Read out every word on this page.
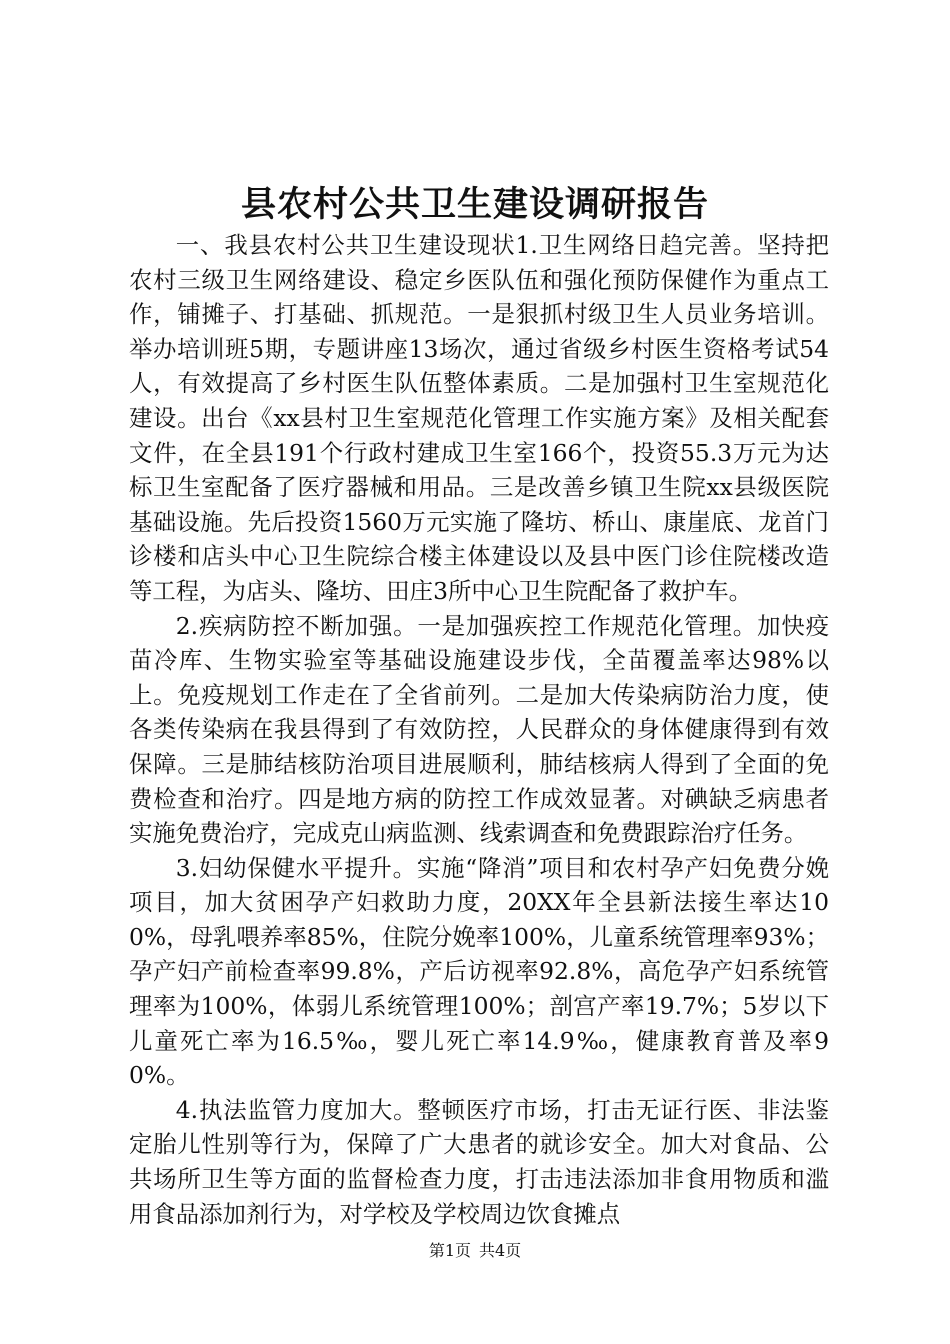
县农村公共卫生建设调研报告

一、我县农村公共卫生建设现状1.卫生网络日趋完善。坚持把农村三级卫生网络建设、稳定乡医队伍和强化预防保健作为重点工作，铺摊子、打基础、抓规范。一是狠抓村级卫生人员业务培训。举办培训班5期，专题讲座13场次，通过省级乡村医生资格考试54人，有效提高了乡村医生队伍整体素质。二是加强村卫生室规范化建设。出台《xx县村卫生室规范化管理工作实施方案》及相关配套文件，在全县191个行政村建成卫生室166个，投资55.3万元为达标卫生室配备了医疗器械和用品。三是改善乡镇卫生院xx县级医院基础设施。先后投资1560万元实施了隆坊、桥山、康崖底、龙首门诊楼和店头中心卫生院综合楼主体建设以及县中医门诊住院楼改造等工程，为店头、隆坊、田庄3所中心卫生院配备了救护车。

2.疾病防控不断加强。一是加强疾控工作规范化管理。加快疫苗冷库、生物实验室等基础设施建设步伐，全苗覆盖率达98%以上。免疫规划工作走在了全省前列。二是加大传染病防治力度，使各类传染病在我县得到了有效防控，人民群众的身体健康得到有效保障。三是肺结核防治项目进展顺利，肺结核病人得到了全面的免费检查和治疗。四是地方病的防控工作成效显著。对碘缺乏病患者实施免费治疗，完成克山病监测、线索调查和免费跟踪治疗任务。

3.妇幼保健水平提升。实施“降消”项目和农村孕产妇免费分娩项目，加大贫困孕产妇救助力度，20XX年全县新法接生率达100%，母乳喂养率85%，住院分娩率100%，儿童系统管理率93%；孕产妇产前检查率99.8%，产后访视率92.8%，高危孕产妇系统管理率为100%，体弱儿系统管理100%；剖宫产率19.7%；5岁以下儿童死亡率为16.5‰，婴儿死亡率14.9‰，健康教育普及率90%。

4.执法监管力度加大。整顿医疗市场，打击无证行医、非法鉴定胎儿性别等行为，保障了广大患者的就诊安全。加大对食品、公共场所卫生等方面的监督检查力度，打击违法添加非食用物质和滥用食品添加剂行为，对学校及学校周边饮食摊点

第1页 共4页
